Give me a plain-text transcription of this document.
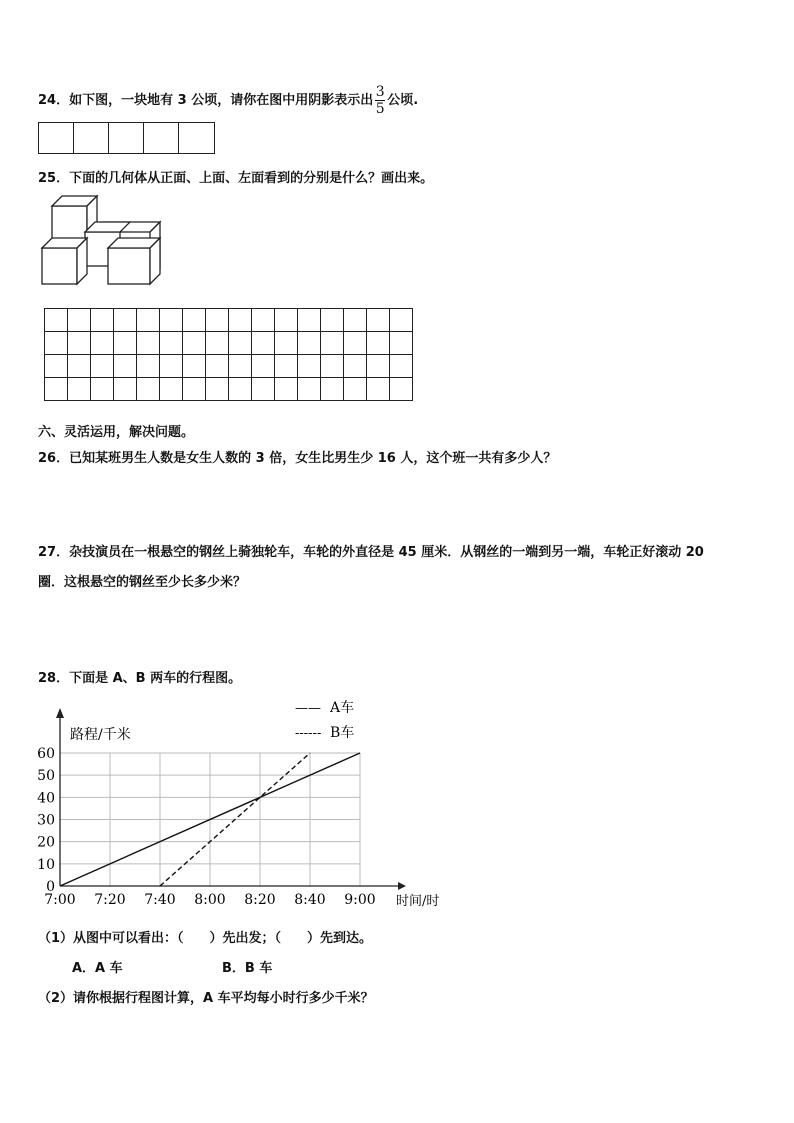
24．如下图，一块地有 3 公顷，请你在图中用阴影表示出 $\frac{3}{5}$ 公顷.
25．下面的几何体从正面、上面、左面看到的分别是什么？画出来。

六、灵活运用，解决问题。
26．已知某班男生人数是女生人数的 3 倍，女生比男生少 16 人，这个班一共有多少人？
27．杂技演员在一根悬空的钢丝上骑独轮车，车轮的外直径是 45 厘米．从钢丝的一端到另一端，车轮正好滚动 20
圈．这根悬空的钢丝至少长多少米？
28．下面是 A、B 两车的行程图。
0
10
20
30
40
50
60
7:00 7:20 7:40 8:00 8:20 8:40 9:00
路程/千米
时间/时
—— A车
------ B车
（1）从图中可以看出：（　　）先出发；（　　）先到达。
A．A 车	B．B 车
（2）请你根据行程图计算，A 车平均每小时行多少千米？
